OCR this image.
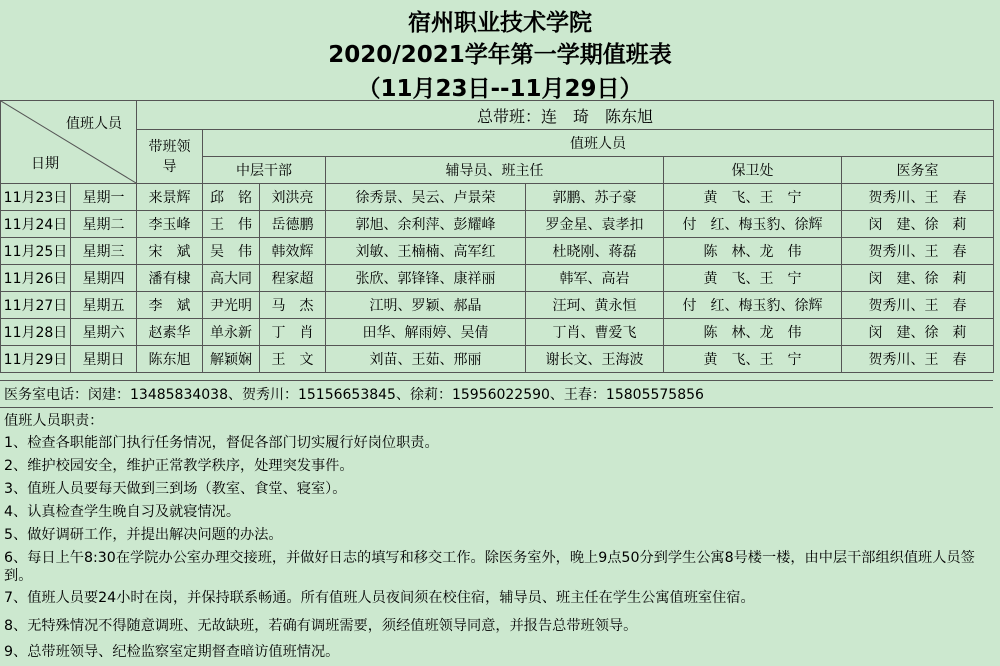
宿州职业技术学院
2020/2021学年第一学期值班表
（11月23日--11月29日）
值班人员
日期		总带班：连　琦　陈东旭						
		带班领导	值班人员					
			中层干部		辅导员、班主任		保卫处	医务室
11月23日	星期一	来景辉	邱　铭	刘洪亮	徐秀景、吴云、卢景荣	郭鹏、苏子豪	黄　飞、王　宁	贺秀川、王　春
11月24日	星期二	李玉峰	王　伟	岳德鹏	郭旭、余利萍、彭耀峰	罗金星、袁孝扣	付　红、梅玉豹、徐辉	闵　建、徐　莉
11月25日	星期三	宋　斌	吴　伟	韩效辉	刘敏、王楠楠、高军红	杜晓刚、蒋磊	陈　林、龙　伟	贺秀川、王　春
11月26日	星期四	潘有棣	高大同	程家超	张欣、郭锋锋、康祥丽	韩军、高岩	黄　飞、王　宁	闵　建、徐　莉
11月27日	星期五	李　斌	尹光明	马　杰	江明、罗颖、郝晶	汪珂、黄永恒	付　红、梅玉豹、徐辉	贺秀川、王　春
11月28日	星期六	赵素华	单永新	丁　肖	田华、解雨婷、吴倩	丁肖、曹爱飞	陈　林、龙　伟	闵　建、徐　莉
11月29日	星期日	陈东旭	解颖娴	王　文	刘苗、王茹、邢丽	谢长文、王海波	黄　飞、王　宁	贺秀川、王　春
医务室电话：闵建：13485834038、贺秀川：15156653845、徐莉：15956022590、王春：15805575856
值班人员职责：
1、检查各职能部门执行任务情况，督促各部门切实履行好岗位职责。
2、维护校园安全，维护正常教学秩序，处理突发事件。
3、值班人员要每天做到三到场（教室、食堂、寝室）。
4、认真检查学生晚自习及就寝情况。
5、做好调研工作，并提出解决问题的办法。
6、每日上午8:30在学院办公室办理交接班，并做好日志的填写和移交工作。除医务室外，晚上9点50分到学生公寓8号楼一楼，由中层干部组织值班人员签到。
7、值班人员要24小时在岗，并保持联系畅通。所有值班人员夜间须在校住宿，辅导员、班主任在学生公寓值班室住宿。
8、无特殊情况不得随意调班、无故缺班，若确有调班需要，须经值班领导同意，并报告总带班领导。
9、总带班领导、纪检监察室定期督查暗访值班情况。
